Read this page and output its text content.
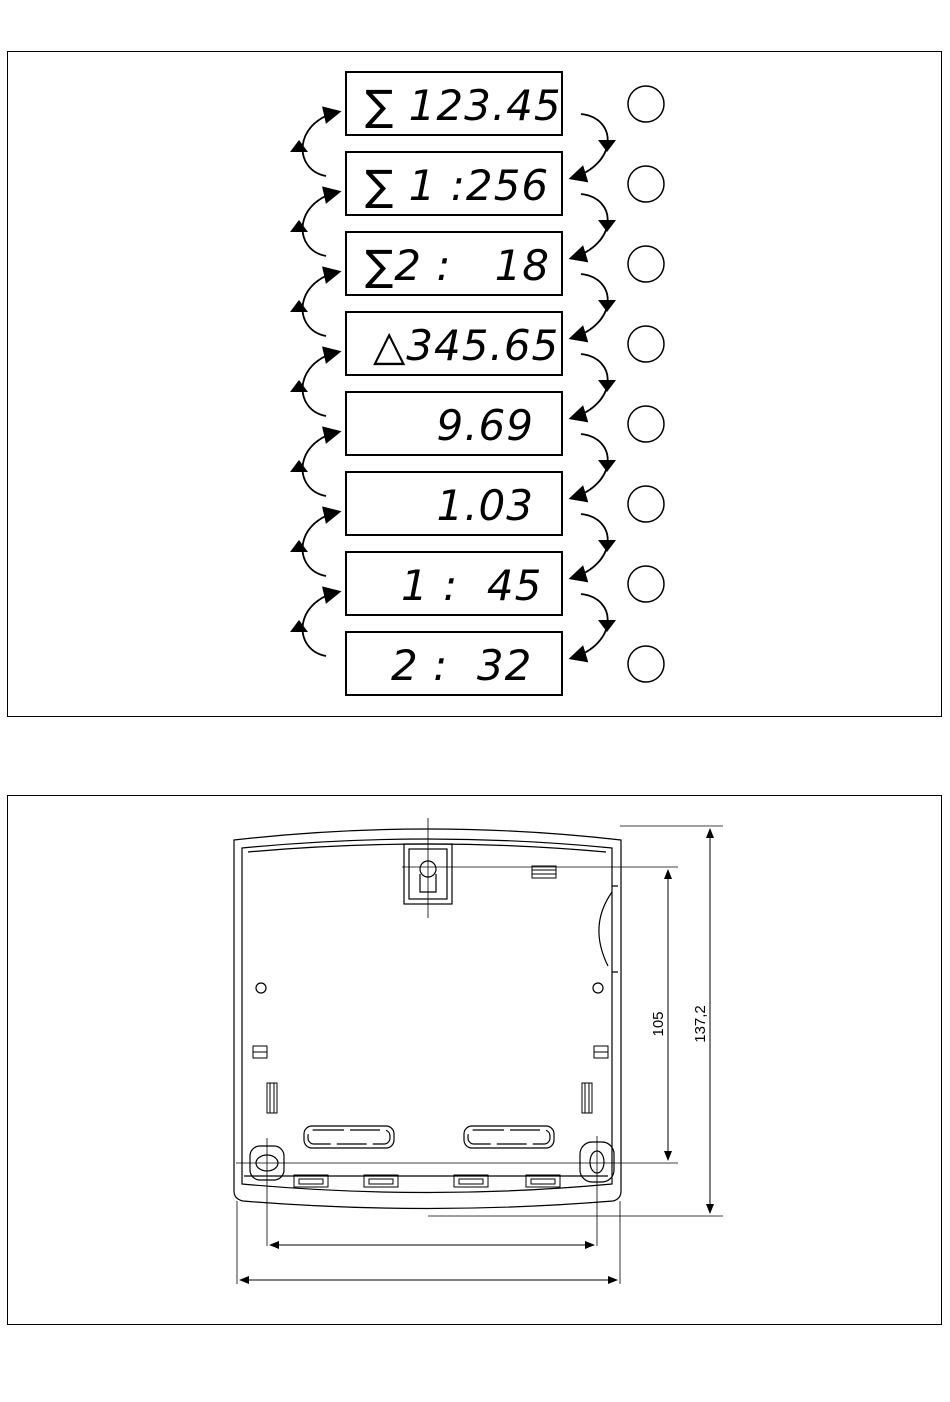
∑ 123.45
∑ 1 :256
∑2 :   18
△345.65
9.69
1.03
1 :  45
2 :  32
105 137,2
